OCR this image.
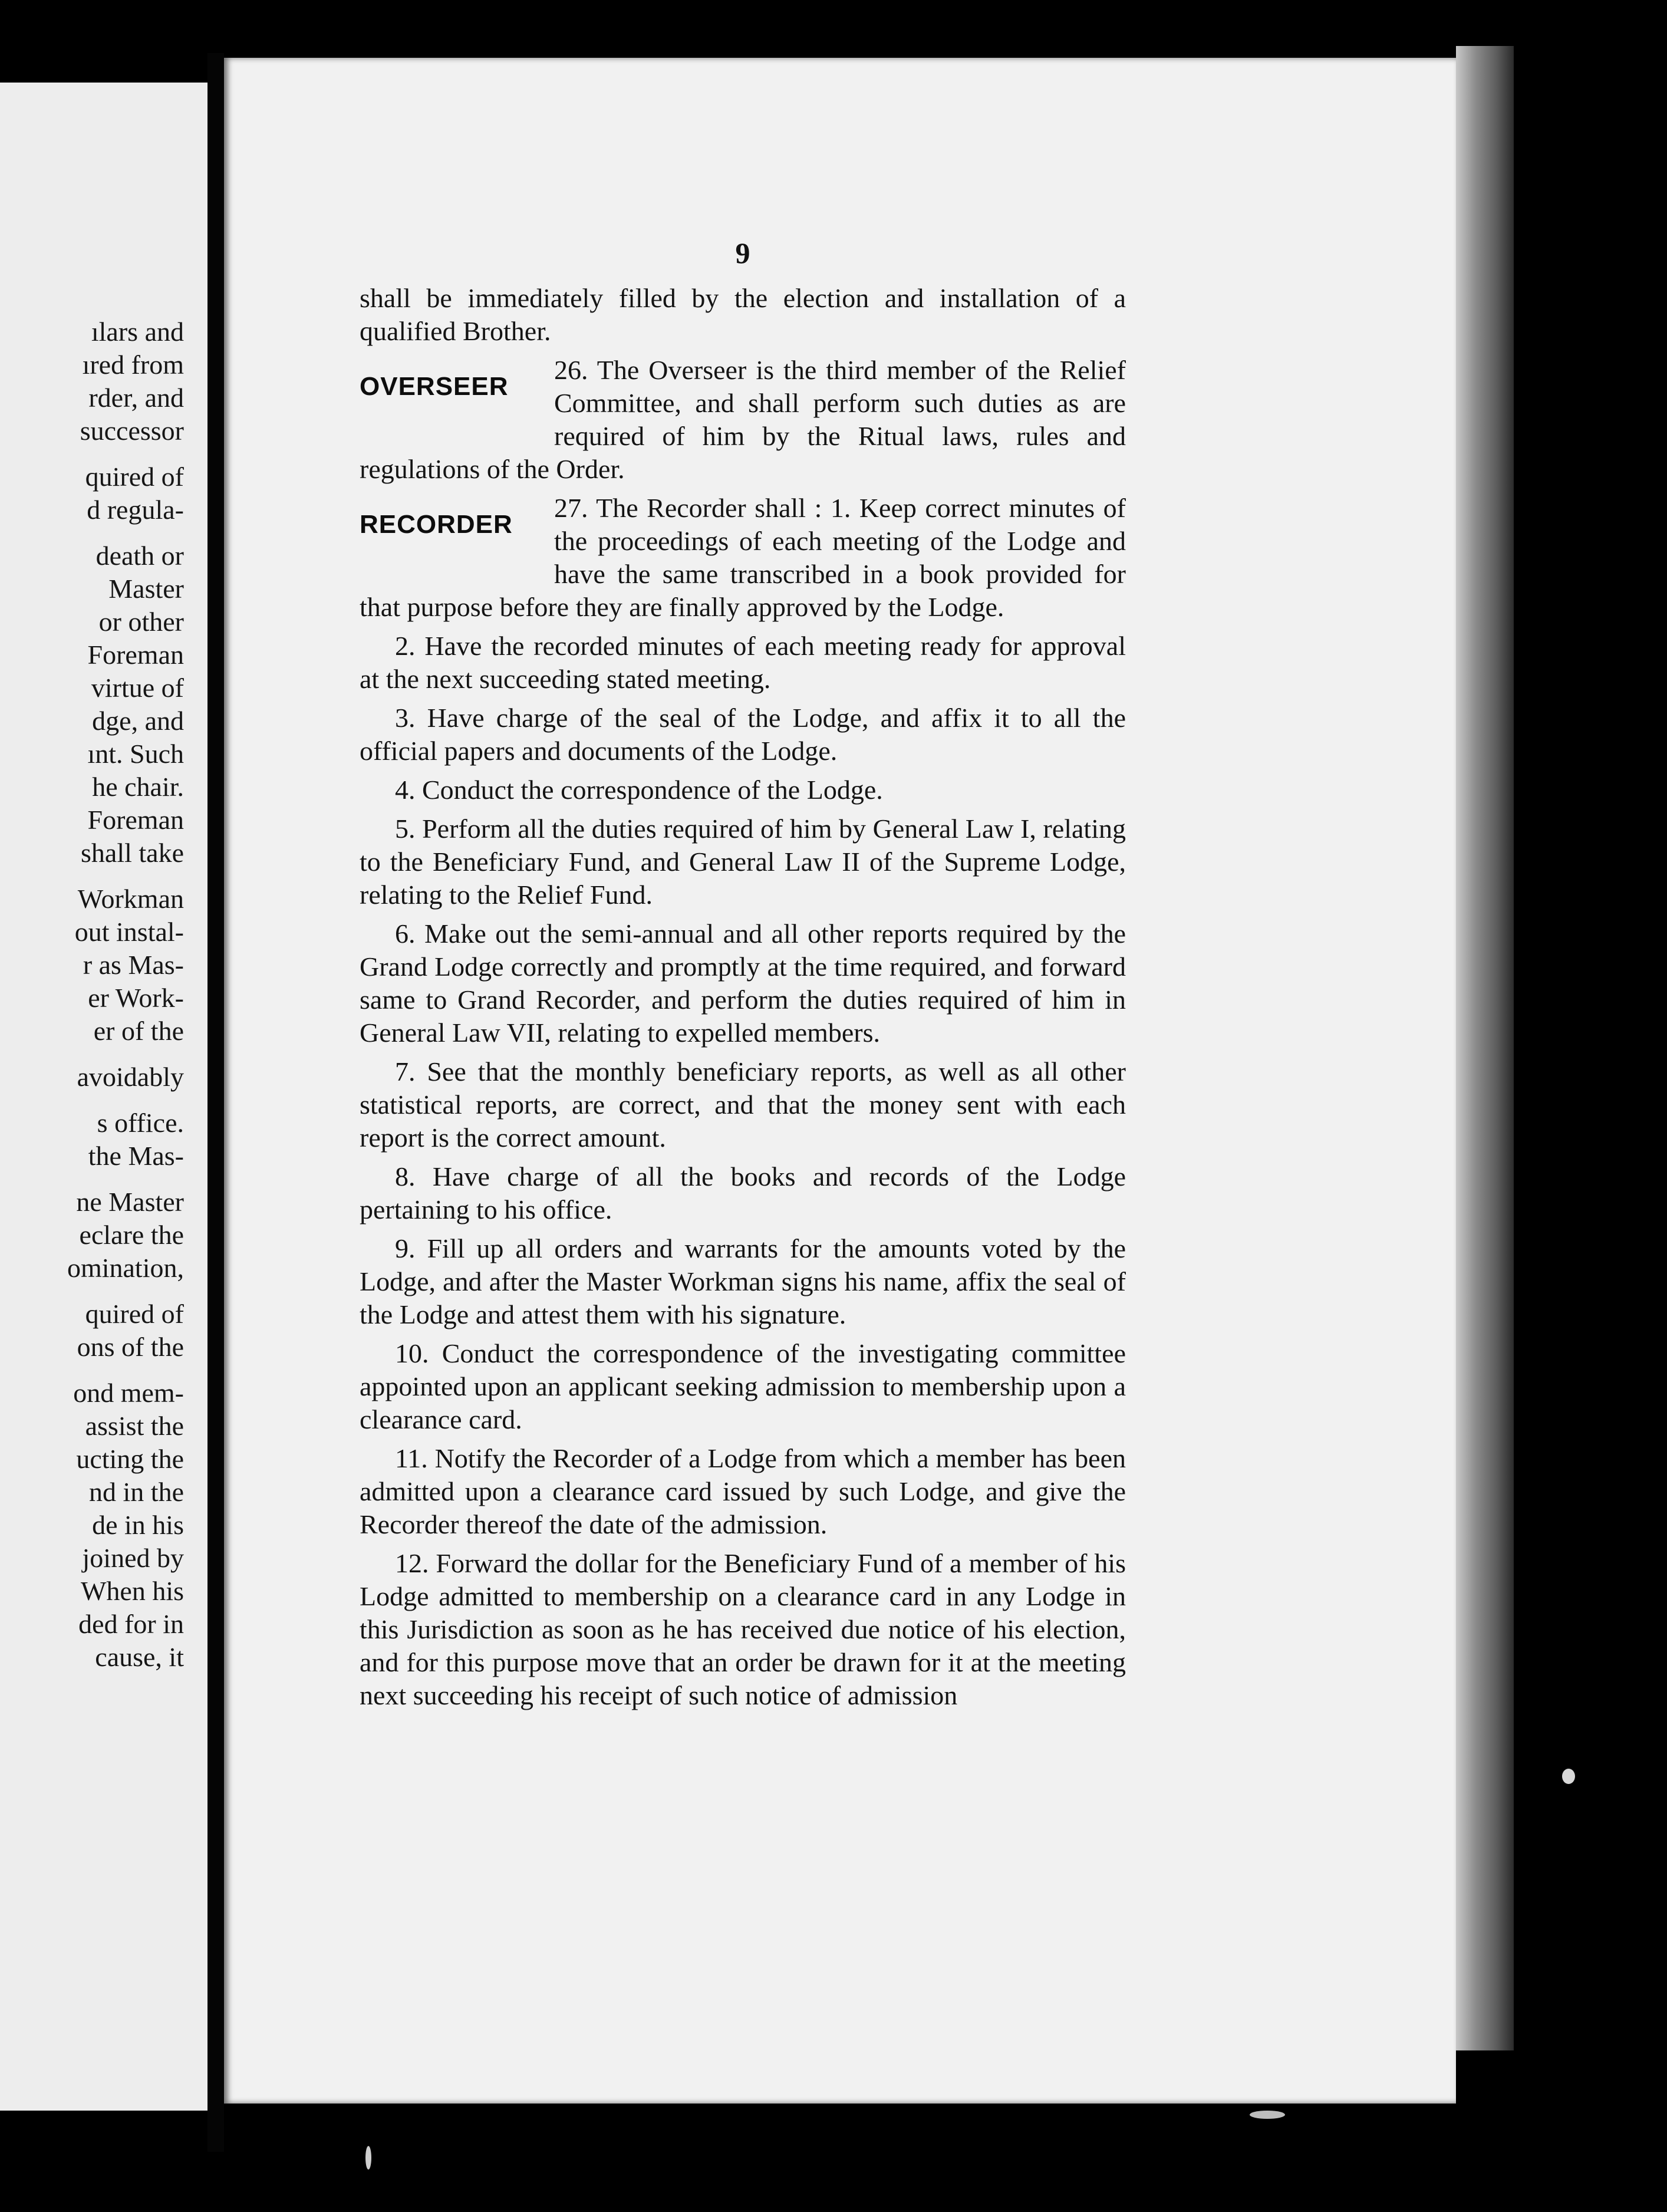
ılars and
ıred from
rder, and
successor
quired of
d regula-
death or
Master
or other
Foreman
virtue of
dge, and
ınt. Such
he chair.
Foreman
shall take
Workman
out instal-
r as Mas-
er Work-
er of the
avoidably
s office.
the Mas-
ne Master
eclare the
omination,
quired of
ons of the
ond mem-
assist the
ucting the
nd in the
de in his
joined by
When his
ded for in
cause, it
9

shall be immediately filled by the election and installation of a qualified Brother.

OVERSEER
26. The Overseer is the third member of the Relief Committee, and shall perform such duties as are required of him by the Ritual laws, rules and regulations of the Order.
RECORDER
27. The Recorder shall : 1. Keep correct minutes of the proceedings of each meeting of the Lodge and have the same transcribed in a book provided for that purpose before they are finally approved by the Lodge.

2. Have the recorded minutes of each meeting ready for approval at the next succeeding stated meeting.

3. Have charge of the seal of the Lodge, and affix it to all the official papers and documents of the Lodge.

4. Conduct the correspondence of the Lodge.

5. Perform all the duties required of him by General Law I, relating to the Beneficiary Fund, and General Law II of the Supreme Lodge, relating to the Relief Fund.

6. Make out the semi-annual and all other reports required by the Grand Lodge correctly and promptly at the time required, and forward same to Grand Recorder, and perform the duties required of him in General Law VII, relating to expelled members.

7. See that the monthly beneficiary reports, as well as all other statistical reports, are correct, and that the money sent with each report is the correct amount.

8. Have charge of all the books and records of the Lodge pertaining to his office.

9. Fill up all orders and warrants for the amounts voted by the Lodge, and after the Master Workman signs his name, affix the seal of the Lodge and attest them with his signature.

10. Conduct the correspondence of the investigating committee appointed upon an applicant seeking admission to membership upon a clearance card.

11. Notify the Recorder of a Lodge from which a member has been admitted upon a clearance card issued by such Lodge, and give the Recorder thereof the date of the admission.

12. Forward the dollar for the Beneficiary Fund of a member of his Lodge admitted to membership on a clearance card in any Lodge in this Jurisdiction as soon as he has received due notice of his election, and for this purpose move that an order be drawn for it at the meeting next succeeding his receipt of such notice of admission
